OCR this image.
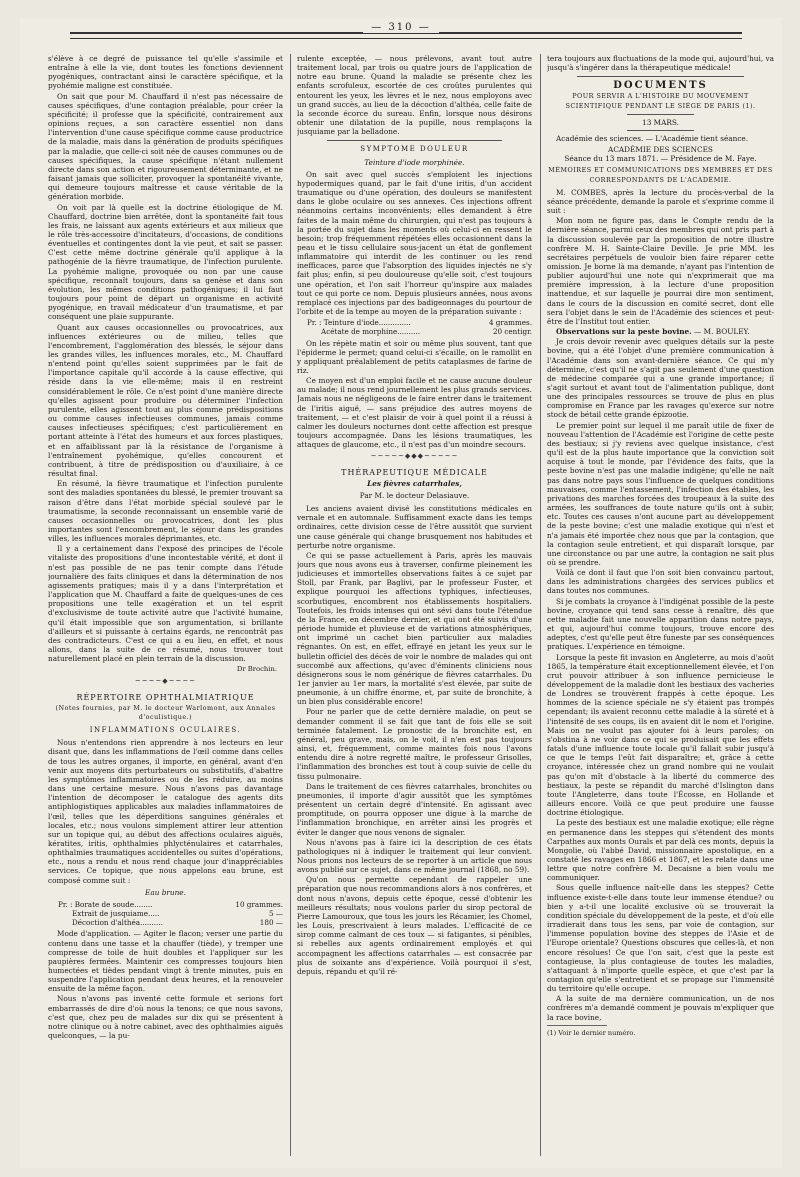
— 310 —

s'élève à ce degré de puissance tel qu'elle s'assimile et entraîne à elle la vie, dont toutes les fonctions deviennent pyogéniques, contractant ainsi le caractère spécifique, et la pyohémie maligne est constituée.

On sait que pour M. Chauffard il n'est pas nécessaire de causes spécifiques, d'une contagion préalable, pour créer la spécificité; il professe que la spécificité, contrairement aux opinions reçues, a son caractère essentiel non dans l'intervention d'une cause spécifique comme cause productrice de la maladie, mais dans la génération de produits spécifiques par la maladie, que celle-ci soit née de causes communes ou de causes spécifiques, la cause spécifique n'étant nullement directe dans son action et rigoureusement déterminante, et ne faisant jamais que solliciter, provoquer la spontanéité vivante, qui demeure toujours maîtresse et cause véritable de la génération morbide.

On voit par là quelle est la doctrine étiologique de M. Chauffard, doctrine bien arrêtée, dont la spontanéité fait tous les frais, ne laissant aux agents extérieurs et aux milieux que le rôle très-accessoire d'incitateurs, d'occasions, de conditions éventuelles et contingentes dont la vie peut, et sait se passer. C'est cette même doctrine générale qu'il applique à la pathogénie de la fièvre traumatique, de l'infection purulente. La pyohémie maligne, provoquée ou non par une cause spécifique, reconnaît toujours, dans sa genèse et dans son évolution, les mêmes conditions pathogéniques; il lui faut toujours pour point de départ un organisme en activité pyogénique, en travail médicateur d'un traumatisme, et par conséquent une plaie suppurante.

Quant aux causes occasionnelles ou provocatrices, aux influences extérieures ou de milieu, telles que l'encombrement, l'agglomération des blessés, le séjour dans les grandes villes, les influences morales, etc., M. Chauffard n'entend point qu'elles soient supprimées par le fait de l'importance capitale qu'il accorde à la cause effective, qui réside dans la vie elle-même; mais il en restreint considérablement le rôle. Ce n'est point d'une manière directe qu'elles agissent pour produire ou déterminer l'infection purulente, elles agissent tout au plus comme prédispositions ou comme causes infectieuses communes, jamais comme causes infectieuses spécifiques; c'est particulièrement en portant atteinte à l'état des humeurs et aux forces plastiques, et en affaiblissant par là la résistance de l'organisme à l'entraînement pyohémique, qu'elles concourent et contribuent, à titre de prédisposition ou d'auxiliaire, à ce résultat final.

En résumé, la fièvre traumatique et l'infection purulente sont des maladies spontanées du blessé, le premier trouvant sa raison d'être dans l'état morbide spécial soulevé par le traumatisme, la seconde reconnaissant un ensemble varié de causes occasionnelles ou provocatrices, dont les plus importantes sont l'encombrement, le séjour dans les grandes villes, les influences morales déprimantes, etc.

Il y a certainement dans l'exposé des principes de l'école vitaliste des propositions d'une incontestable vérité, et dont il n'est pas possible de ne pas tenir compte dans l'étude journalière des faits cliniques et dans la détermination de nos agissements pratiques; mais il y a dans l'interprétation et l'application que M. Chauffard a faite de quelques-unes de ces propositions une telle exagération et un tel esprit d'exclusivisme de toute activité autre que l'activité humaine, qu'il était impossible que son argumentation, si brillante d'ailleurs et si puissante à certains égards, ne rencontrât pas des contradicteurs. C'est ce qui a eu lieu, en effet, et nous allons, dans la suite de ce résumé, nous trouver tout naturellement placé en plein terrain de la discussion.

Dr Brochin.
~~~~◆~~~~
RÉPERTOIRE OPHTHALMIATRIQUE
(Notes fournies, par M. le docteur Warlomont, aux Annales d'oculistique.)
INFLAMMATIONS OCULAIRES.

Nous n'entendons rien apprendre à nos lecteurs en leur disant que, dans les inflammations de l'œil comme dans celles de tous les autres organes, il importe, en général, avant d'en venir aux moyens dits perturbateurs ou substitutifs, d'abattre les symptômes inflammatoires ou de les réduire, au moins dans une certaine mesure. Nous n'avons pas davantage l'intention de décomposer le catalogue des agents dits antiphlogistiques applicables aux maladies inflammatoires de l'œil, telles que les déperditions sanguines générales et locales, etc.; nous voulons simplement attirer leur attention sur un topique qui, au début des affections oculaires aiguës, kératites, iritis, ophthalmies phlycténulaires et catarrhales, ophthalmies traumatiques accidentelles ou suites d'opérations, etc., nous a rendu et nous rend chaque jour d'inappréciables services. Ce topique, que nous appelons eau brune, est composé comme suit :

Eau brune.
Pr. : Borate de soude........	10 grammes.
Extrait de jusquiame.....	5 —
Décoction d'althéa..........	180 —

Mode d'application. — Agiter le flacon; verser une partie du contenu dans une tasse et la chauffer (tiède), y tremper une compresse de toile de huit doubles et l'appliquer sur les paupières fermées. Maintenir ces compresses toujours bien humectées et tièdes pendant vingt à trente minutes, puis en suspendre l'application pendant deux heures, et la renouveler ensuite de la même façon.

Nous n'avons pas inventé cette formule et serions fort embarrassés de dire d'où nous la tenons; ce que nous savons, c'est que, chez peu de malades sur dix qui se présentent à notre clinique ou à notre cabinet, avec des ophthalmies aiguës quelconques, — la pu-

rulente exceptée, — nous prélevons, avant tout autre traitement local, par trois ou quatre jours de l'application de notre eau brune. Quand la maladie se présente chez les enfants scrofuleux, escortée de ces croûtes purulentes qui entourent les yeux, les lèvres et le nez, nous employons avec un grand succès, au lieu de la décoction d'althéa, celle faite de la seconde écorce du sureau. Enfin, lorsque nous désirons obtenir une dilatation de la pupille, nous remplaçons la jusquiame par la belladone.

SYMPTOME DOULEUR
Teinture d'iode morphinée.

On sait avec quel succès s'emploient les injections hypodermiques quand, par le fait d'une iritis, d'un accident traumatique ou d'une opération, des douleurs se manifestent dans le globe oculaire ou ses annexes. Ces injections offrent néanmoins certains inconvénients; elles demandent à être faites de la main même du chirurgien, qui n'est pas toujours à la portée du sujet dans les moments où celui-ci en ressent le besoin; trop fréquemment répétées elles occasionnent dans la peau et le tissu cellulaire sous-jacent un état de gonflement inflammatoire qui interdit de les continuer ou les rend inefficaces, parce que l'absorption des liquides injectés ne s'y fait plus; enfin, si peu douloureuse qu'elle soit, c'est toujours une opération, et l'on sait l'horreur qu'inspire aux malades tout ce qui porte ce nom. Depuis plusieurs années, nous avons remplacé ces injections par des badigeonnages du pourtour de l'orbite et de la tempe au moyen de la préparation suivante :

Pr. : Teinture d'iode..............	4 grammes.
Acétate de morphine..........	20 centigr.

On les répète matin et soir ou même plus souvent, tant que l'épiderme le permet; quand celui-ci s'écaille, on le ramollit en y appliquant préalablement de petits cataplasmes de farine de riz.

Ce moyen est d'un emploi facile et ne cause aucune douleur au malade; il nous rend journellement les plus grands services. Jamais nous ne négligeons de le faire entrer dans le traitement de l'iritis aiguë, — sans préjudice des autres moyens de traitement, — et c'est plaisir de voir à quel point il a réussi à calmer les douleurs nocturnes dont cette affection est presque toujours accompagnée. Dans les lésions traumatiques, les attaques de glaucome, etc., il n'est pas d'un moindre secours.

~~~~~◆◆◆~~~~~
THÉRAPEUTIQUE MÉDICALE
Les fièvres catarrhales,
Par M. le docteur Delasiauve.

Les anciens avaient divisé les constitutions médicales en vernale et en automnale. Suffisamment exacte dans les temps ordinaires, cette division cesse de l'être aussitôt que survient une cause générale qui change brusquement nos habitudes et perturbe notre organisme.

Ce qui se passe actuellement à Paris, après les mauvais jours que nous avons eus à traverser, confirme pleinement les judicieuses et immortelles observations faites à ce sujet par Stoll, par Frank, par Baglivi, par le professeur Fuster, et explique pourquoi les affections typhiques, infectieuses, scorbutiques, encombrent nos établissements hospitaliers. Toutefois, les froids intenses qui ont sévi dans toute l'étendue de la France, en décembre dernier, et qui ont été suivis d'une période humide et pluvieuse et de variations atmosphériques, ont imprimé un cachet bien particulier aux maladies régnantes. On est, en effet, effrayé en jetant les yeux sur le bulletin officiel des décès de voir le nombre de malades qui ont succombé aux affections, qu'avec d'éminents cliniciens nous désignerons sous le nom générique de fièvres catarrhales. Du 1er janvier au 1er mars, la mortalité s'est élevée, par suite de pneumonie, à un chiffre énorme, et, par suite de bronchite, à un bien plus considérable encore!

Pour ne parler que de cette dernière maladie, on peut se demander comment il se fait que tant de fois elle se soit terminée fatalement. Le pronostic de la bronchite est, en général, peu grave, mais, on le voit, il n'en est pas toujours ainsi, et, fréquemment, comme maintes fois nous l'avons entendu dire à notre regretté maître, le professeur Grisolles, l'inflammation des bronches est tout à coup suivie de celle du tissu pulmonaire.

Dans le traitement de ces fièvres catarrhales, bronchites ou pneumonies, il importe d'agir aussitôt que les symptômes présentent un certain degré d'intensité. En agissant avec promptitude, on pourra opposer une digue à la marche de l'inflammation bronchique, en arrêter ainsi les progrès et éviter le danger que nous venons de signaler.

Nous n'avons pas à faire ici la description de ces états pathologiques ni à indiquer le traitement qui leur convient. Nous prions nos lecteurs de se reporter à un article que nous avons publié sur ce sujet, dans ce même journal (1868, no 59).

Qu'on nous permette cependant de rappeler une préparation que nous recommandions alors à nos confrères, et dont nous n'avons, depuis cette époque, cessé d'obtenir les meilleurs résultats; nous voulons parler du sirop pectoral de Pierre Lamouroux, que tous les jours les Récamier, les Chomel, les Louis, prescrivaient à leurs malades. L'efficacité de ce sirop comme calmant de ces toux — si fatigantes, si pénibles, si rebelles aux agents ordinairement employés et qui accompagnent les affections catarrhales — est consacrée par plus de soixante ans d'expérience. Voilà pourquoi il s'est, depuis, répandu et qu'il ré-

tera toujours aux fluctuations de la mode qui, aujourd'hui, va jusqu'à s'ingérer dans la thérapeutique médicale!

DOCUMENTS
POUR SERVIR A L'HISTOIRE DU MOUVEMENT SCIENTIFIQUE PENDANT LE SIÉGE DE PARIS (1).
13 MARS.

Académie des sciences. — L'Académie tient séance.

ACADÉMIE DES SCIENCES
Séance du 13 mars 1871. — Présidence de M. Faye.
MÉMOIRES ET COMMUNICATIONS DES MEMBRES ET DES CORRESPONDANTS DE L'ACADÉMIE.

M. COMBES, après la lecture du procès-verbal de la séance précédente, demande la parole et s'exprime comme il suit :

Mon nom ne figure pas, dans le Compte rendu de la dernière séance, parmi ceux des membres qui ont pris part à la discussion soulevée par la proposition de notre illustre confrère M. H. Sainte-Claire Deville. Je prie MM. les secrétaires perpétuels de vouloir bien faire réparer cette omission. Je borne là ma demande, n'ayant pas l'intention de publier aujourd'hui une note qui n'exprimerait que ma première impression, à la lecture d'une proposition inattendue, et sur laquelle je pourrai dire mon sentiment, dans le cours de la discussion en comité secret, dont elle sera l'objet dans le sein de l'Académie des sciences et peut-être de l'Institut tout entier.

Observations sur la peste bovine. — M. BOULEY.

Je crois devoir revenir avec quelques détails sur la peste bovine, qui a été l'objet d'une première communication à l'Académie dans son avant-dernière séance. Ce qui m'y détermine, c'est qu'il ne s'agit pas seulement d'une question de médecine comparée qui a une grande importance; il s'agit surtout et avant tout de l'alimentation publique, dont une des principales ressources se trouve de plus en plus compromise en France par les ravages qu'exerce sur notre stock de bétail cette grande épizootie.

Le premier point sur lequel il me paraît utile de fixer de nouveau l'attention de l'Académie est l'origine de cette peste des bestiaux; si j'y reviens avec quelque insistance, c'est qu'il est de la plus haute importance que la conviction soit acquise à tout le monde, par l'évidence des faits, que la peste bovine n'est pas une maladie indigène; qu'elle ne naît pas dans notre pays sous l'influence de quelques conditions mauvaises, comme l'entassement, l'infection des étables, les privations des marches forcées des troupeaux à la suite des armées, les souffrances de toute nature qu'ils ont à subir, etc. Toutes ces causes n'ont aucune part au développement de la peste bovine; c'est une maladie exotique qui n'est et n'a jamais été importée chez nous que par la contagion, que la contagion seule entretient, et qui disparaît lorsque, par une circonstance ou par une autre, la contagion ne sait plus où se prendre.

Voilà ce dont il faut que l'on soit bien convaincu partout, dans les administrations chargées des services publics et dans toutes nos communes.

Si je combats la croyance à l'indigénat possible de la peste bovine, croyance qui tend sans cesse à renaître, dès que cette maladie fait une nouvelle apparition dans notre pays, et qui, aujourd'hui comme toujours, trouve encore des adeptes, c'est qu'elle peut être funeste par ses conséquences pratiques. L'expérience en témoigne.

Lorsque la peste fit invasion en Angleterre, au mois d'août 1865, la température était exceptionnellement élevée, et l'on crut pouvoir attribuer à son influence pernicieuse le développement de la maladie dont les bestiaux des vacheries de Londres se trouvèrent frappés à cette époque. Les hommes de la science spéciale ne s'y étaient pas trompés cependant; ils avaient reconnu cette maladie à la sûreté et à l'intensité de ses coups, ils en avaient dit le nom et l'origine. Mais on ne voulut pas ajouter foi à leurs paroles; on s'obstina à ne voir dans ce qui se produisait que les effets fatals d'une influence toute locale qu'il fallait subir jusqu'à ce que le temps l'eût fait disparaître; et, grâce à cette croyance, intéressée chez un grand nombre qui ne voulait pas qu'on mît d'obstacle à la liberté du commerce des bestiaux, la peste se répandit du marché d'Islington dans toute l'Angleterre, dans toute l'Écosse, en Hollande et ailleurs encore. Voilà ce que peut produire une fausse doctrine étiologique.

La peste des bestiaux est une maladie exotique; elle règne en permanence dans les steppes qui s'étendent des monts Carpathes aux monts Ourals et par delà ces monts, depuis la Mongolie, où l'abbé David, missionnaire apostolique, en a constaté les ravages en 1866 et 1867, et les relate dans une lettre que notre confrère M. Decaisne a bien voulu me communiquer.

Sous quelle influence naît-elle dans les steppes? Cette influence existe-t-elle dans toute leur immense étendue? ou bien y a-t-il une localité exclusive où se trouverait la condition spéciale du développement de la peste, et d'où elle irradierait dans tous les sens, par voie de contagion, sur l'immense population bovine des steppes de l'Asie et de l'Europe orientale? Questions obscures que celles-là, et non encore résolues! Ce que l'on sait, c'est que la peste est contagieuse, la plus contagieuse de toutes les maladies, s'attaquant à n'importe quelle espèce, et que c'est par la contagion qu'elle s'entretient et se propage sur l'immensité du territoire qu'elle occupe.

A la suite de ma dernière communication, un de nos confrères m'a demandé comment je pouvais m'expliquer que la race bovine,

(1) Voir le dernier numéro.
